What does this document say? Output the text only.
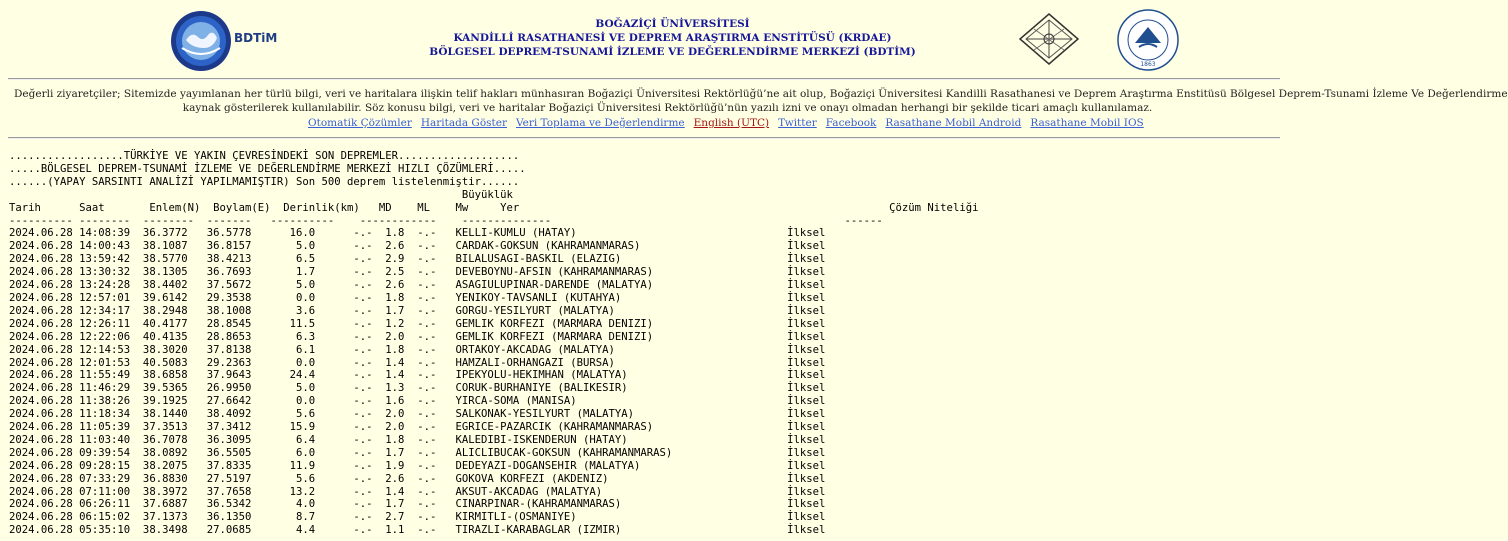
BDTiM
BOĞAZİÇİ ÜNİVERSİTESİ
KANDİLLİ RASATHANESİ VE DEPREM ARAŞTIRMA ENSTİTÜSÜ (KRDAE)
BÖLGESEL DEPREM-TSUNAMİ İZLEME VE DEĞERLENDİRME MERKEZİ (BDTİM)
1863
Değerli ziyaretçiler; Sitemizde yayımlanan her türlü bilgi, veri ve haritalara ilişkin telif hakları münhasıran Boğaziçi Üniversitesi Rektörlüğü’ne ait olup, Boğaziçi Üniversitesi Kandilli Rasathanesi ve Deprem Araştırma Enstitüsü Bölgesel Deprem-Tsunami İzleme Ve Değerlendirme
kaynak gösterilerek kullanılabilir. Söz konusu bilgi, veri ve haritalar Boğaziçi Üniversitesi Rektörlüğü’nün yazılı izni ve onayı olmadan herhangi bir şekilde ticari amaçlı kullanılamaz.
Otomatik Çözümler Haritada Göster Veri Toplama ve Değerlendirme English (UTC) Twitter Facebook Rasathane Mobil Android Rasathane Mobil IOS
..................TÜRKİYE VE YAKIN ÇEVRESİNDEKİ SON DEPREMLER...................
.....BÖLGESEL DEPREM-TSUNAMİ İZLEME VE DEĞERLENDİRME MERKEZİ HIZLI ÇÖZÜMLERİ.....
......(YAPAY SARSINTI ANALİZİ YAPILMAMIŞTIR) Son 500 deprem listelenmiştir......
Büyüklük
Tarih      Saat       Enlem(N)  Boylam(E)  Derinlik(km)   MD    ML    Mw     Yer                                                          Çözüm Niteliği
---------- --------  --------  -------   ----------    ------------    --------------                                              ------
2024.06.28 14:08:39  36.3772   36.5778      16.0      -.-  1.8  -.-   KELLI-KUMLU (HATAY)                                 İlksel
2024.06.28 14:00:43  38.1087   36.8157       5.0      -.-  2.6  -.-   CARDAK-GOKSUN (KAHRAMANMARAS)                       İlksel
2024.06.28 13:59:42  38.5770   38.4213       6.5      -.-  2.9  -.-   BILALUSAGI-BASKIL (ELAZIG)                          İlksel
2024.06.28 13:30:32  38.1305   36.7693       1.7      -.-  2.5  -.-   DEVEBOYNU-AFSIN (KAHRAMANMARAS)                     İlksel
2024.06.28 13:24:28  38.4402   37.5672       5.0      -.-  2.6  -.-   ASAGIULUPINAR-DARENDE (MALATYA)                     İlksel
2024.06.28 12:57:01  39.6142   29.3538       0.0      -.-  1.8  -.-   YENIKOY-TAVSANLI (KUTAHYA)                          İlksel
2024.06.28 12:34:17  38.2948   38.1008       3.6      -.-  1.7  -.-   GORGU-YESILYURT (MALATYA)                           İlksel
2024.06.28 12:26:11  40.4177   28.8545      11.5      -.-  1.2  -.-   GEMLIK KORFEZI (MARMARA DENIZI)                     İlksel
2024.06.28 12:22:06  40.4135   28.8653       6.3      -.-  2.0  -.-   GEMLIK KORFEZI (MARMARA DENIZI)                     İlksel
2024.06.28 12:14:53  38.3020   37.8138       6.1      -.-  1.8  -.-   ORTAKOY-AKCADAG (MALATYA)                           İlksel
2024.06.28 12:01:53  40.5083   29.2363       0.0      -.-  1.4  -.-   HAMZALI-ORHANGAZI (BURSA)                           İlksel
2024.06.28 11:55:49  38.6858   37.9643      24.4      -.-  1.4  -.-   IPEKYOLU-HEKIMHAN (MALATYA)                         İlksel
2024.06.28 11:46:29  39.5365   26.9950       5.0      -.-  1.3  -.-   CORUK-BURHANIYE (BALIKESIR)                         İlksel
2024.06.28 11:38:26  39.1925   27.6642       0.0      -.-  1.6  -.-   YIRCA-SOMA (MANISA)                                 İlksel
2024.06.28 11:18:34  38.1440   38.4092       5.6      -.-  2.0  -.-   SALKONAK-YESILYURT (MALATYA)                        İlksel
2024.06.28 11:05:39  37.3513   37.3412      15.9      -.-  2.0  -.-   EGRICE-PAZARCIK (KAHRAMANMARAS)                     İlksel
2024.06.28 11:03:40  36.7078   36.3095       6.4      -.-  1.8  -.-   KALEDIBI-ISKENDERUN (HATAY)                         İlksel
2024.06.28 09:39:54  38.0892   36.5505       6.0      -.-  1.7  -.-   ALICLIBUCAK-GOKSUN (KAHRAMANMARAS)                  İlksel
2024.06.28 09:28:15  38.2075   37.8335      11.9      -.-  1.9  -.-   DEDEYAZI-DOGANSEHIR (MALATYA)                       İlksel
2024.06.28 07:33:29  36.8830   27.5197       5.6      -.-  2.6  -.-   GOKOVA KORFEZI (AKDENIZ)                            İlksel
2024.06.28 07:11:00  38.3972   37.7658      13.2      -.-  1.4  -.-   AKSUT-AKCADAG (MALATYA)                             İlksel
2024.06.28 06:26:11  37.6887   36.5342       4.0      -.-  1.7  -.-   CINARPINAR-(KAHRAMANMARAS)                          İlksel
2024.06.28 06:15:02  37.1373   36.1350       8.7      -.-  2.7  -.-   KIRMITLI-(OSMANIYE)                                 İlksel
2024.06.28 05:35:10  38.3498   27.0685       4.4      -.-  1.1  -.-   TIRAZLI-KARABAGLAR (IZMIR)                          İlksel
